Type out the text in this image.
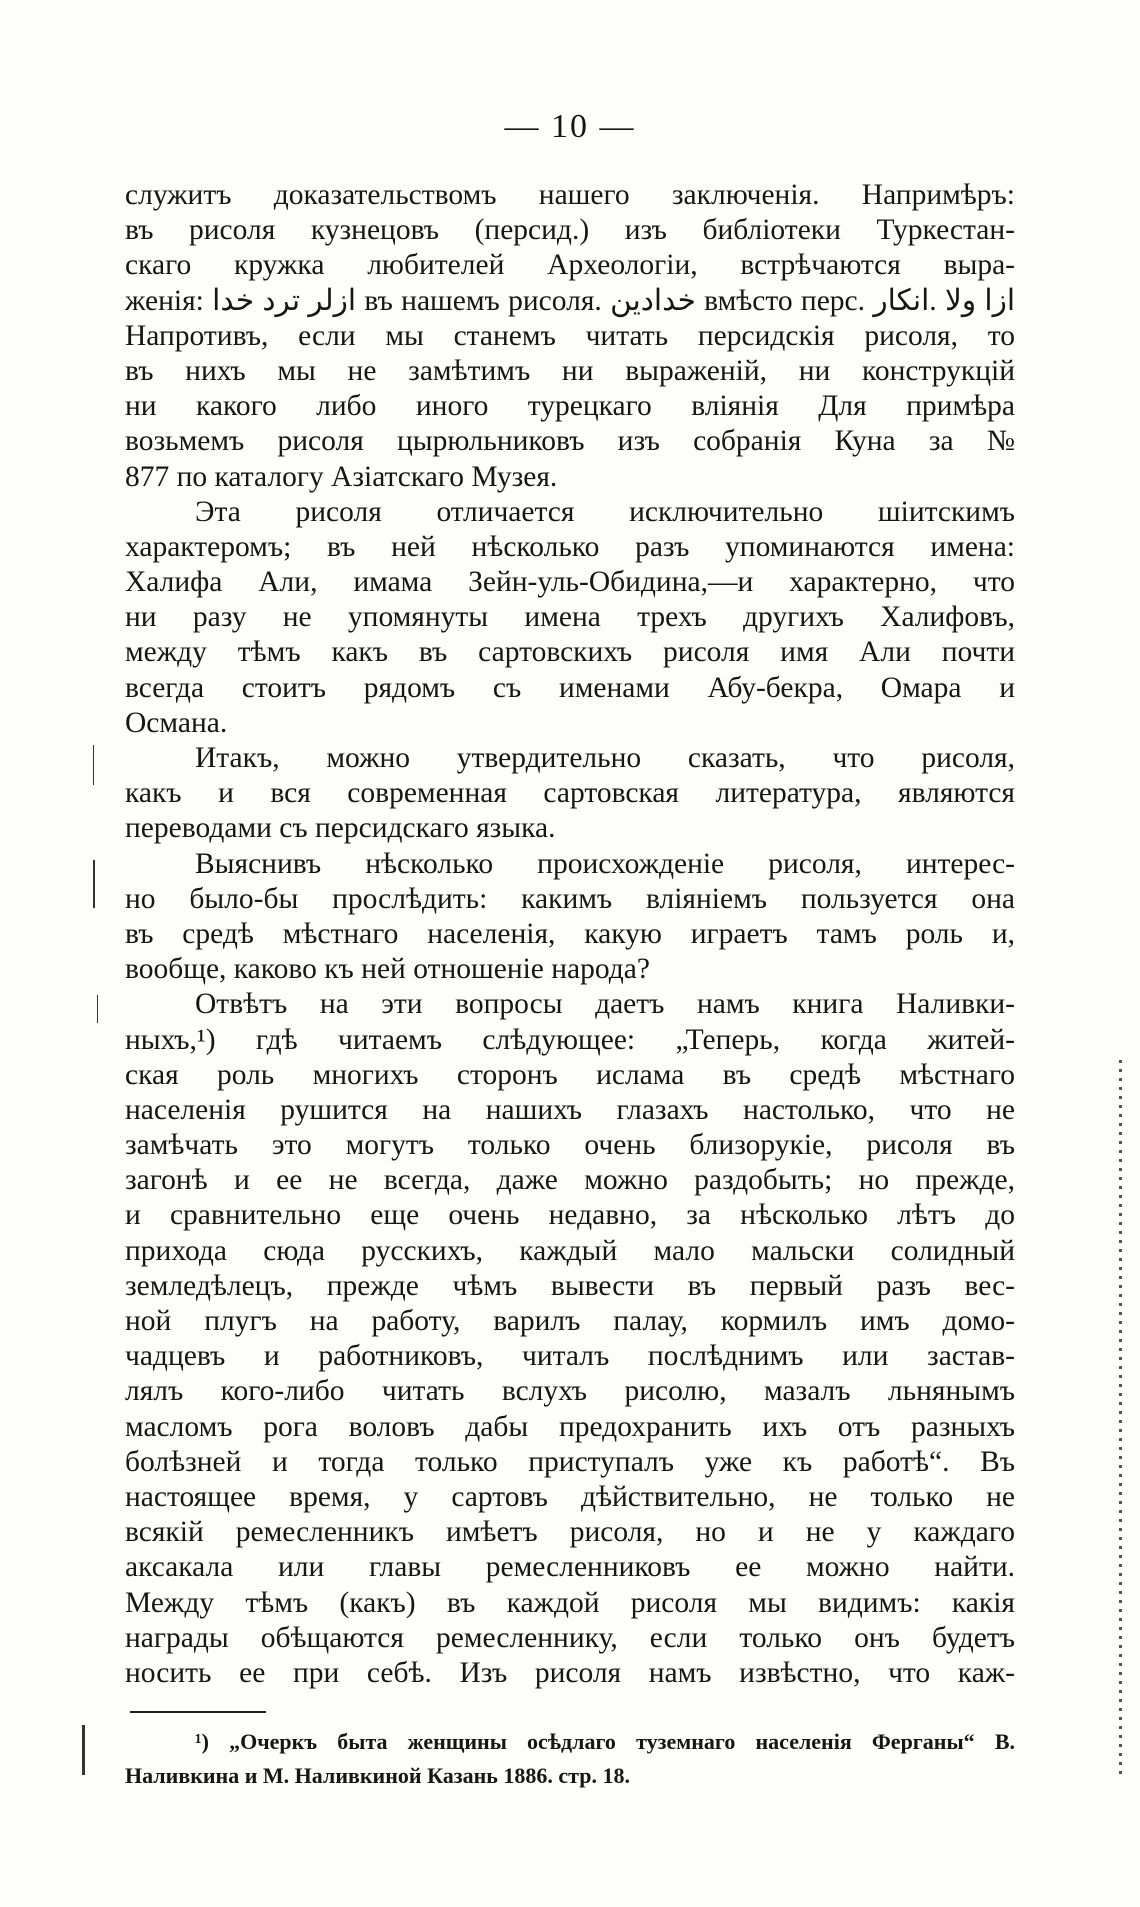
— 10 —
служитъ доказательствомъ нашего заключенія. Напримѣръ:
въ рисоля кузнецовъ (персид.) изъ библіотеки Туркестан-
скаго кружка любителей Археологіи, встрѣчаются выра-
женія: ازلر ترد خدا въ нашемъ рисоля. خدادين вмѣсто перс. ازا ولا .انكار
Напротивъ, если мы станемъ читать персидскія рисоля, то
въ нихъ мы не замѣтимъ ни выраженій, ни конструкцій
ни какого либо иного турецкаго вліянія Для примѣра
возьмемъ рисоля цырюльниковъ изъ собранія Куна за №
877 по каталогу Азіатскаго Музея.
Эта рисоля отличается исключительно шіитскимъ
характеромъ; въ ней нѣсколько разъ упоминаются имена:
Халифа Али, имама Зейн-уль-Обидина,—и характерно, что
ни разу не упомянуты имена трехъ другихъ Халифовъ,
между тѣмъ какъ въ сартовскихъ рисоля имя Али почти
всегда стоитъ рядомъ съ именами Абу-бекра, Омара и
Османа.
Итакъ, можно утвердительно сказать, что рисоля,
какъ и вся современная сартовская литература, являются
переводами съ персидскаго языка.
Выяснивъ нѣсколько происхожденіе рисоля, интерес-
но было-бы прослѣдить: какимъ вліяніемъ пользуется она
въ средѣ мѣстнаго населенія, какую играетъ тамъ роль и,
вообще, каково къ ней отношеніе народа?
Отвѣтъ на эти вопросы даетъ намъ книга Наливки-
ныхъ,¹) гдѣ читаемъ слѣдующее: „Теперь, когда житей-
ская роль многихъ сторонъ ислама въ средѣ мѣстнаго
населенія рушится на нашихъ глазахъ настолько, что не
замѣчать это могутъ только очень близорукіе, рисоля въ
загонѣ и ее не всегда, даже можно раздобыть; но прежде,
и сравнительно еще очень недавно, за нѣсколько лѣтъ до
прихода сюда русскихъ, каждый мало мальски солидный
земледѣлецъ, прежде чѣмъ вывести въ первый разъ вес-
ной плугъ на работу, варилъ палау, кормилъ имъ домо-
чадцевъ и работниковъ, читалъ послѣднимъ или застав-
лялъ кого-либо читать вслухъ рисолю, мазалъ льнянымъ
масломъ рога воловъ дабы предохранить ихъ отъ разныхъ
болѣзней и тогда только приступалъ уже къ работѣ“. Въ
настоящее время, у сартовъ дѣйствительно, не только не
всякій ремесленникъ имѣетъ рисоля, но и не у каждаго
аксакала или главы ремесленниковъ ее можно найти.
Между тѣмъ (какъ) въ каждой рисоля мы видимъ: какія
награды обѣщаются ремесленнику, если только онъ будетъ
носить ее при себѣ. Изъ рисоля намъ извѣстно, что каж-
¹) „Очеркъ быта женщины осѣдлаго туземнаго населенія Ферганы“ В.
Наливкина и М. Наливкиной Казань 1886. стр. 18.
